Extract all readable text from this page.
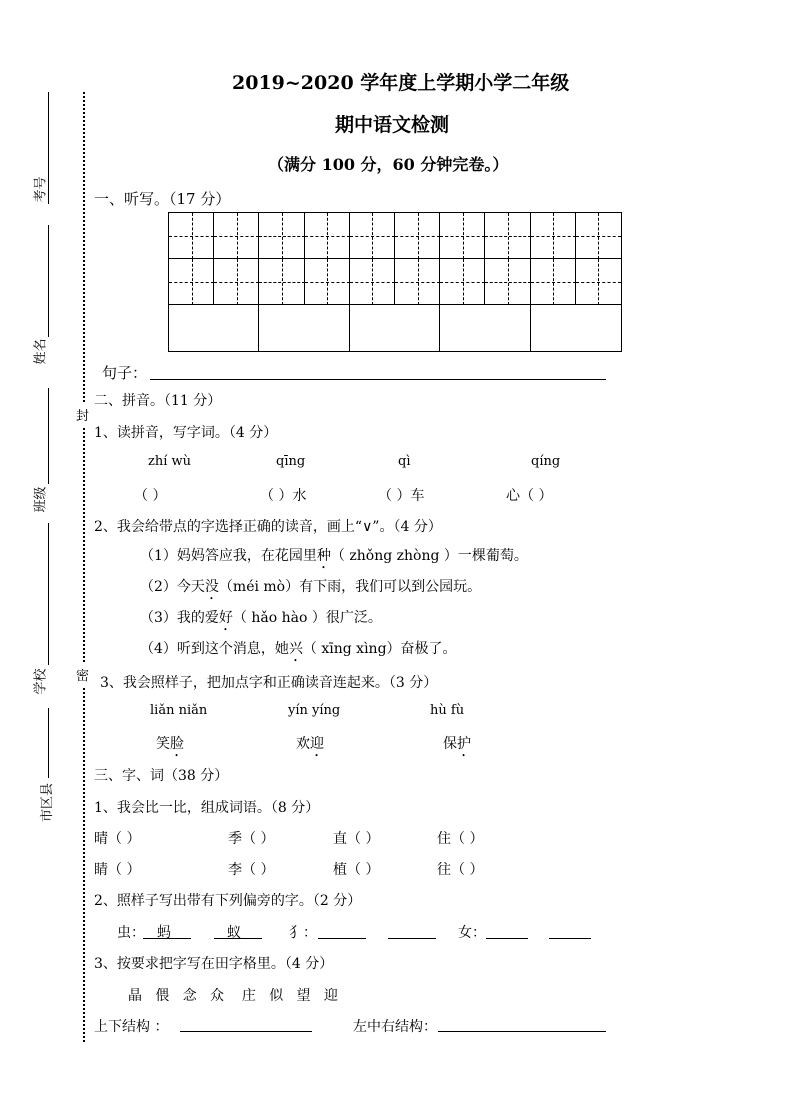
考号
姓名
班级
学校
市区县
封
密
2019~2020 学年度上学期小学二年级
期中语文检测
（满分 100 分，60 分钟完卷。）
一、听写。（17 分）
句子：
二、拼音。（11 分）
1、读拼音，写字词。（4 分）
zhí wù	qīng	qì	qíng
（ ）	（ ）水	（ ）车	心（ ）
2、我会给带点的字选择正确的读音，画上“∨”。（4 分）
（1）妈妈答应我，在花园里种（ zhǒng zhòng ）一棵葡萄。
（2）今天没（méi mò）有下雨，我们可以到公园玩。
（3）我的爱好（ hǎo hào ）很广泛。
（4）听到这个消息，她兴（ xīng xìng）奋极了。
3、我会照样子，把加点字和正确读音连起来。（3 分）
liǎn niǎn	yín yíng	hù fù
笑脸	欢迎	保护
三、字、词（38 分）
1、我会比一比，组成词语。（8 分）
晴（ ）	季（ ）	直（ ）	住（ ）
睛（ ）	李（ ）	植（ ）	往（ ）
2、照样子写出带有下列偏旁的字。（2 分）
虫： 蚂	蚁	犭：	女：
3、按要求把字写在田字格里。（4 分）
晶   偎   念   众    庄   似   望   迎
上下结构 ：	左中右结构：
